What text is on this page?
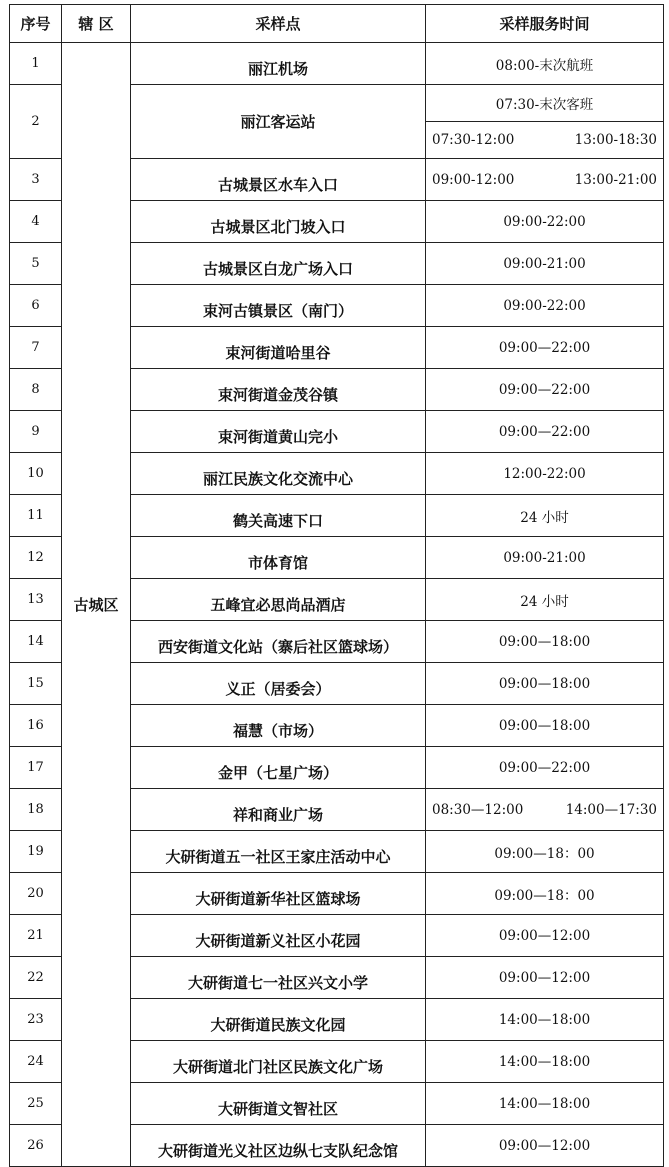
序号	辖 区	采样点	采样服务时间
1	古城区	丽江机场	08:00-末次航班
2		丽江客运站	07:30-末次客班
			07:30-12:00 13:00-18:30

3		古城景区水车入口	09:00-12:00 13:00-21:00

4		古城景区北门坡入口	09:00-22:00
5		古城景区白龙广场入口	09:00-21:00
6		束河古镇景区（南门）	09:00-22:00
7		束河街道哈里谷	09:00—22:00
8		束河街道金茂谷镇	09:00—22:00
9		束河街道黄山完小	09:00—22:00
10		丽江民族文化交流中心	12:00-22:00
11		鹤关高速下口	24 小时
12		市体育馆	09:00-21:00
13		五峰宜必思尚品酒店	24 小时
14		西安街道文化站（寨后社区篮球场）	09:00—18:00
15		义正（居委会）	09:00—18:00
16		福慧（市场）	09:00—18:00
17		金甲（七星广场）	09:00—22:00
18		祥和商业广场	08:30—12:00 14:00—17:30

19		大研街道五一社区王家庄活动中心	09:00—18：00
20		大研街道新华社区篮球场	09:00—18：00
21		大研街道新义社区小花园	09:00—12:00
22		大研街道七一社区兴文小学	09:00—12:00
23		大研街道民族文化园	14:00—18:00
24		大研街道北门社区民族文化广场	14:00—18:00
25		大研街道文智社区	14:00—18:00
26		大研街道光义社区边纵七支队纪念馆	09:00—12:00
